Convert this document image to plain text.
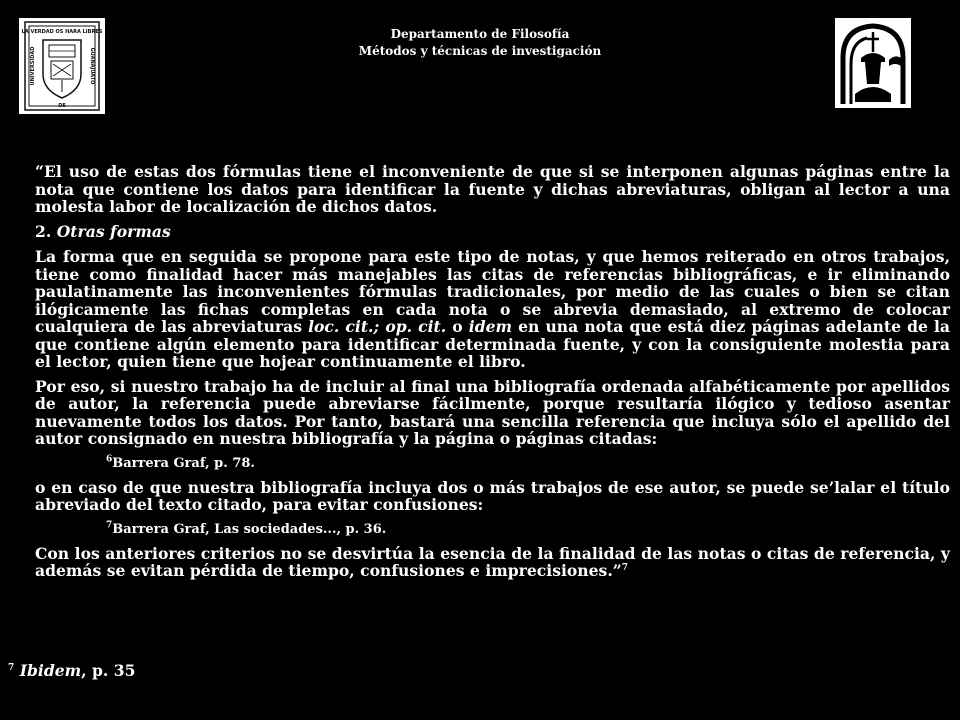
Departamento de Filosofía
Métodos y técnicas de investigación
LA VERDAD OS HARA LIBRES
UNIVERSIDAD	GUANAJUATO
DE

“El uso de estas dos fórmulas tiene el inconveniente de que si se interponen algunas páginas entre la nota que contiene los datos para identificar la fuente y dichas abreviaturas, obligan al lector a una molesta labor de localización de dichos datos.

2. Otras formas

La forma que en seguida se propone para este tipo de notas, y que hemos reiterado en otros trabajos, tiene como finalidad hacer más manejables las citas de referencias bibliográficas, e ir eliminando paulatinamente las inconvenientes fórmulas tradicionales, por medio de las cuales o bien se citan ilógicamente las fichas completas en cada nota o se abrevia demasiado, al extremo de colocar cualquiera de las abreviaturas loc. cit.; op. cit. o idem en una nota que está diez páginas adelante de la que contiene algún elemento para identificar determinada fuente, y con la consiguiente molestia para el lector, quien tiene que hojear continuamente el libro.

Por eso, si nuestro trabajo ha de incluir al final una bibliografía ordenada alfabéticamente por apellidos de autor, la referencia puede abreviarse fácilmente, porque resultaría ilógico y tedioso asentar nuevamente todos los datos. Por tanto, bastará una sencilla referencia que incluya sólo el apellido del autor consignado en nuestra bibliografía y la página o páginas citadas:

$^6$Barrera Graf, p. 78.

o en caso de que nuestra bibliografía incluya dos o más trabajos de ese autor, se puede se’lalar el título abreviado del texto citado, para evitar confusiones:

$^7$Barrera Graf, Las sociedades..., p. 36.

Con los anteriores criterios no se desvirtúa la esencia de la finalidad de las notas o citas de referencia, y además se evitan pérdida de tiempo, confusiones e imprecisiones.”$^7$

$^7$ Ibidem, p. 35
